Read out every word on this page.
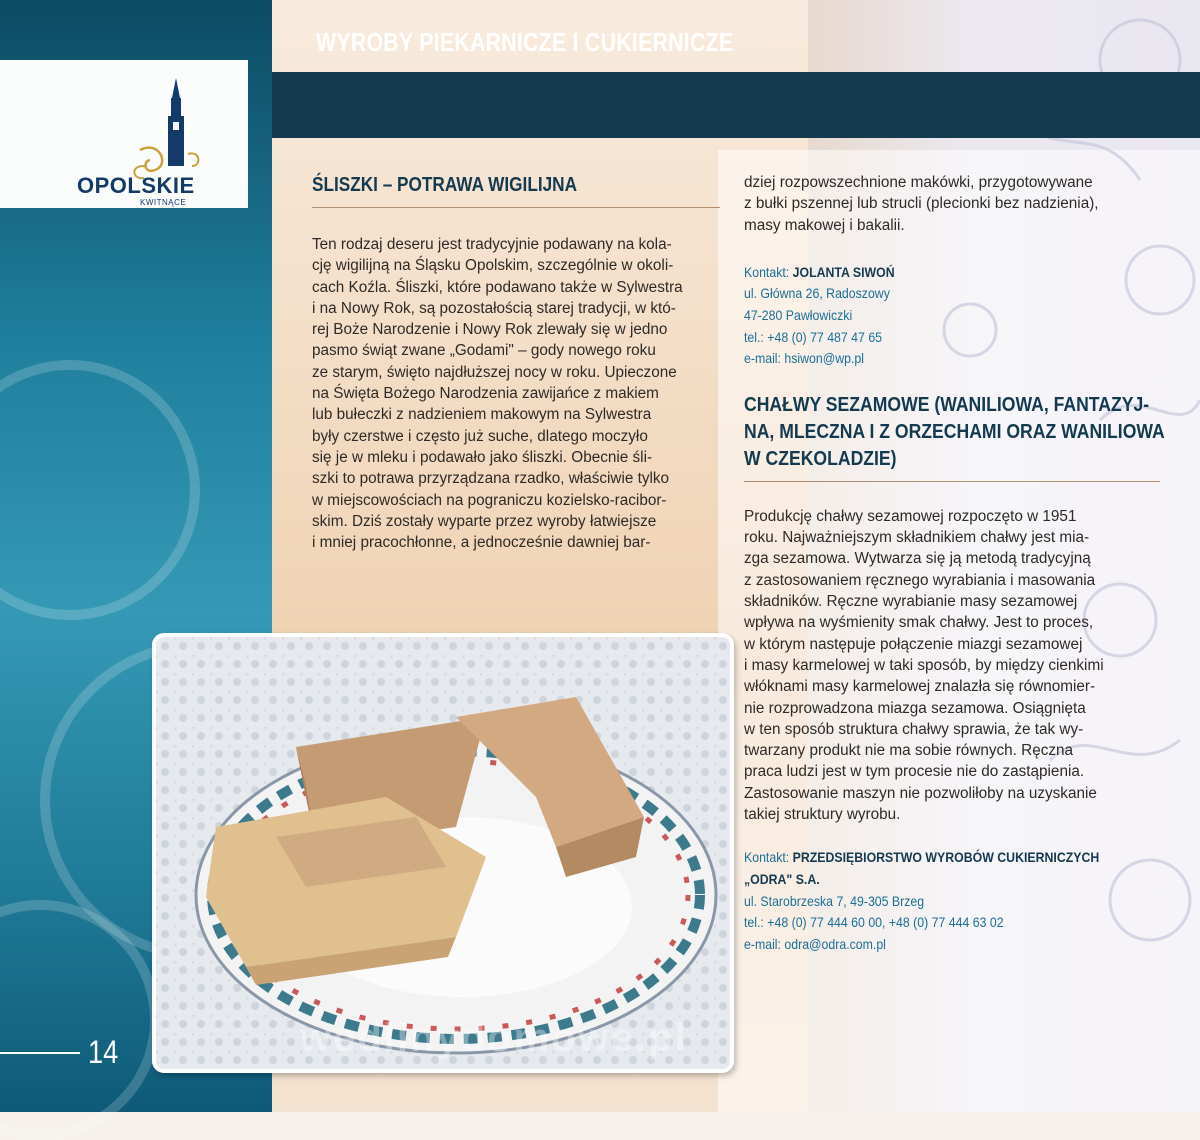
WYROBY PIEKARNICZE I CUKIERNICZE
OPOLSKIE
KWITNĄCE
ŚLISZKI – POTRAWA WIGILIJNA
Ten rodzaj deseru jest tradycyjnie podawany na kola-
cję wigilijną na Śląsku Opolskim, szczególnie w okoli-
cach Koźla. Śliszki, które podawano także w Sylwestra
i na Nowy Rok, są pozostałością starej tradycji, w któ-
rej Boże Narodzenie i Nowy Rok zlewały się w jedno
pasmo świąt zwane „Godami" – gody nowego roku
ze starym, święto najdłuższej nocy w roku. Upieczone
na Święta Bożego Narodzenia zawijańce z makiem
lub bułeczki z nadzieniem makowym na Sylwestra
były czerstwe i często już suche, dlatego moczyło
się je w mleku i podawało jako śliszki. Obecnie śli-
szki to potrawa przyrządzana rzadko, właściwie tylko
w miejscowościach na pograniczu kozielsko-racibor-
skim. Dziś zostały wyparte przez wyroby łatwiejsze
i mniej pracochłonne, a jednocześnie dawniej bar-
dziej rozpowszechnione makówki, przygotowywane
z bułki pszennej lub strucli (plecionki bez nadzienia),
masy makowej i bakalii.
Kontakt: JOLANTA SIWOŃ
ul. Główna 26, Radoszowy
47-280 Pawłowiczki
tel.: +48 (0) 77 487 47 65
e-mail: hsiwon@wp.pl
CHAŁWY SEZAMOWE (WANILIOWA, FANTAZYJ-
NA, MLECZNA I Z ORZECHAMI ORAZ WANILIOWA
W CZEKOLADZIE)
Produkcję chałwy sezamowej rozpoczęto w 1951
roku. Najważniejszym składnikiem chałwy jest mia-
zga sezamowa. Wytwarza się ją metodą tradycyjną
z zastosowaniem ręcznego wyrabiania i masowania
składników. Ręczne wyrabianie masy sezamowej
wpływa na wyśmienity smak chałwy. Jest to proces,
w którym następuje połączenie miazgi sezamowej
i masy karmelowej w taki sposób, by między cienkimi
włóknami masy karmelowej znalazła się równomier-
nie rozprowadzona miazga sezamowa. Osiągnięta
w ten sposób struktura chałwy sprawia, że tak wy-
twarzany produkt nie ma sobie równych. Ręczna
praca ludzi jest w tym procesie nie do zastąpienia.
Zastosowanie maszyn nie pozwoliłoby na uzyskanie
takiej struktury wyrobu.
Kontakt: PRZEDSIĘBIORSTWO WYROBÓW CUKIERNICZYCH
„ODRA" S.A.
ul. Starobrzeska 7, 49-305 Brzeg
tel.: +48 (0) 77 444 60 00, +48 (0) 77 444 63 02
e-mail: odra@odra.com.pl
14	wedlinydomowe.pl
